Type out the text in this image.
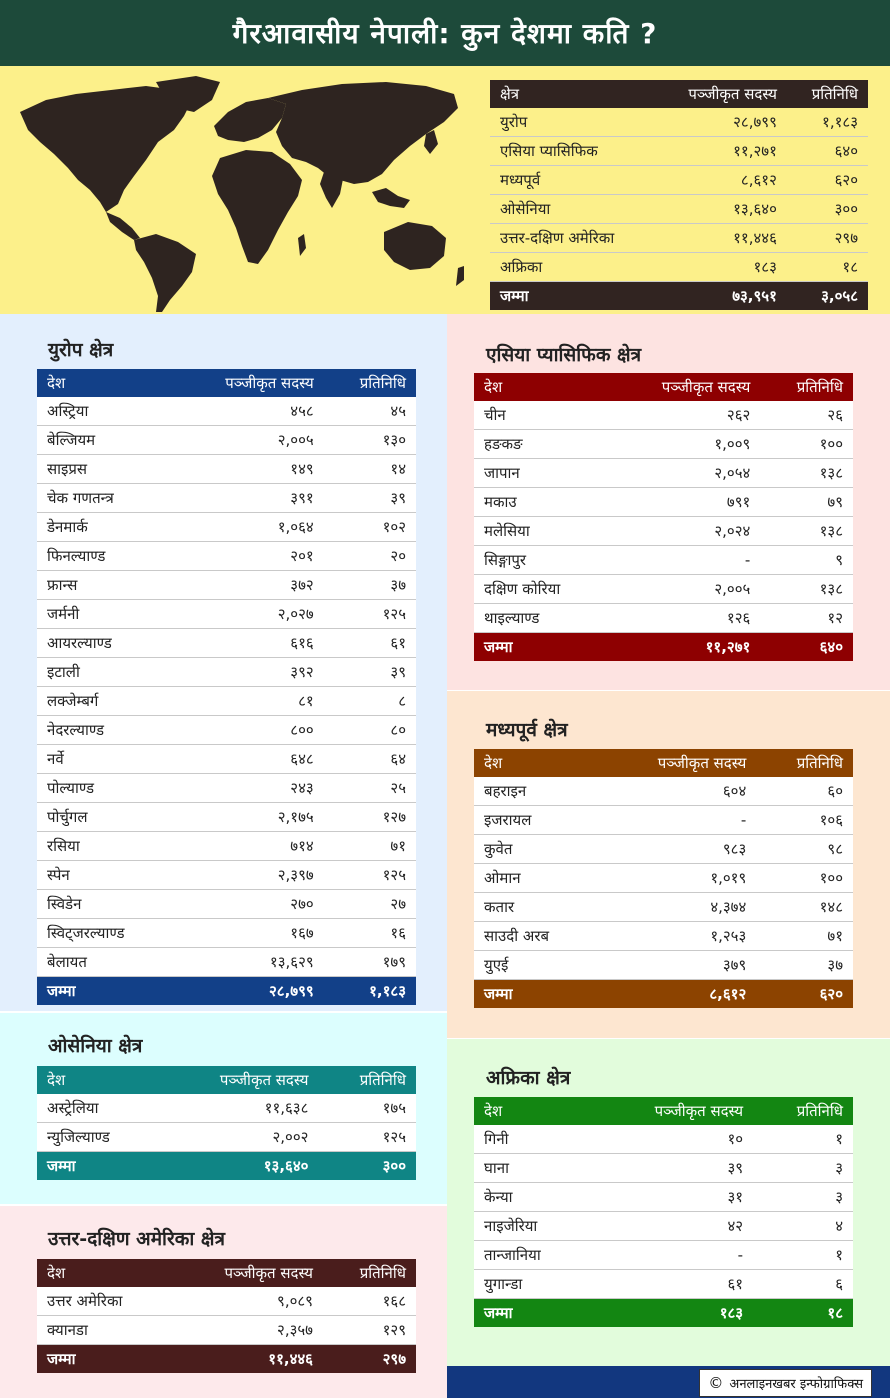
गैरआवासीय नेपाली: कुन देशमा कति ?
क्षेत्र	पञ्जीकृत सदस्य	प्रतिनिधि
युरोप	२८,७९९	१,१८३
एसिया प्यासिफिक	११,२७१	६४०
मध्यपूर्व	८,६१२	६२०
ओसेनिया	१३,६४०	३००
उत्तर-दक्षिण अमेरिका	११,४४६	२९७
अफ्रिका	१८३	१८
जम्मा	७३,९५१	३,०५८
युरोप क्षेत्र
देश	पञ्जीकृत सदस्य	प्रतिनिधि
अस्ट्रिया	४५८	४५
बेल्जियम	२,००५	१३०
साइप्रस	१४९	१४
चेक गणतन्त्र	३९१	३९
डेनमार्क	१,०६४	१०२
फिनल्याण्ड	२०१	२०
फ्रान्स	३७२	३७
जर्मनी	२,०२७	१२५
आयरल्याण्ड	६१६	६१
इटाली	३९२	३९
लक्जेम्बर्ग	८१	८
नेदरल्याण्ड	८००	८०
नर्वे	६४८	६४
पोल्याण्ड	२४३	२५
पोर्चुगल	२,१७५	१२७
रसिया	७१४	७१
स्पेन	२,३९७	१२५
स्विडेन	२७०	२७
स्विट्जरल्याण्ड	१६७	१६
बेलायत	१३,६२९	१७९
जम्मा	२८,७९९	१,१८३
ओसेनिया क्षेत्र
देश	पञ्जीकृत सदस्य	प्रतिनिधि
अस्ट्रेलिया	११,६३८	१७५
न्युजिल्याण्ड	२,००२	१२५
जम्मा	१३,६४०	३००
उत्तर-दक्षिण अमेरिका क्षेत्र
देश	पञ्जीकृत सदस्य	प्रतिनिधि
उत्तर अमेरिका	९,०८९	१६८
क्यानडा	२,३५७	१२९
जम्मा	११,४४६	२९७
एसिया प्यासिफिक क्षेत्र
देश	पञ्जीकृत सदस्य	प्रतिनिधि
चीन	२६२	२६
हङकङ	१,००९	१००
जापान	२,०५४	१३८
मकाउ	७९१	७९
मलेसिया	२,०२४	१३८
सिङ्गापुर	-	९
दक्षिण कोरिया	२,००५	१३८
थाइल्याण्ड	१२६	१२
जम्मा	११,२७१	६४०
मध्यपूर्व क्षेत्र
देश	पञ्जीकृत सदस्य	प्रतिनिधि
बहराइन	६०४	६०
इजरायल	-	१०६
कुवेत	९८३	९८
ओमान	१,०१९	१००
कतार	४,३७४	१४८
साउदी अरब	१,२५३	७१
युएई	३७९	३७
जम्मा	८,६१२	६२०
अफ्रिका क्षेत्र
देश	पञ्जीकृत सदस्य	प्रतिनिधि
गिनी	१०	१
घाना	३९	३
केन्या	३१	३
नाइजेरिया	४२	४
तान्जानिया	-	१
युगान्डा	६१	६
जम्मा	१८३	१८
© अनलाइनखबर इन्फोग्राफिक्स
